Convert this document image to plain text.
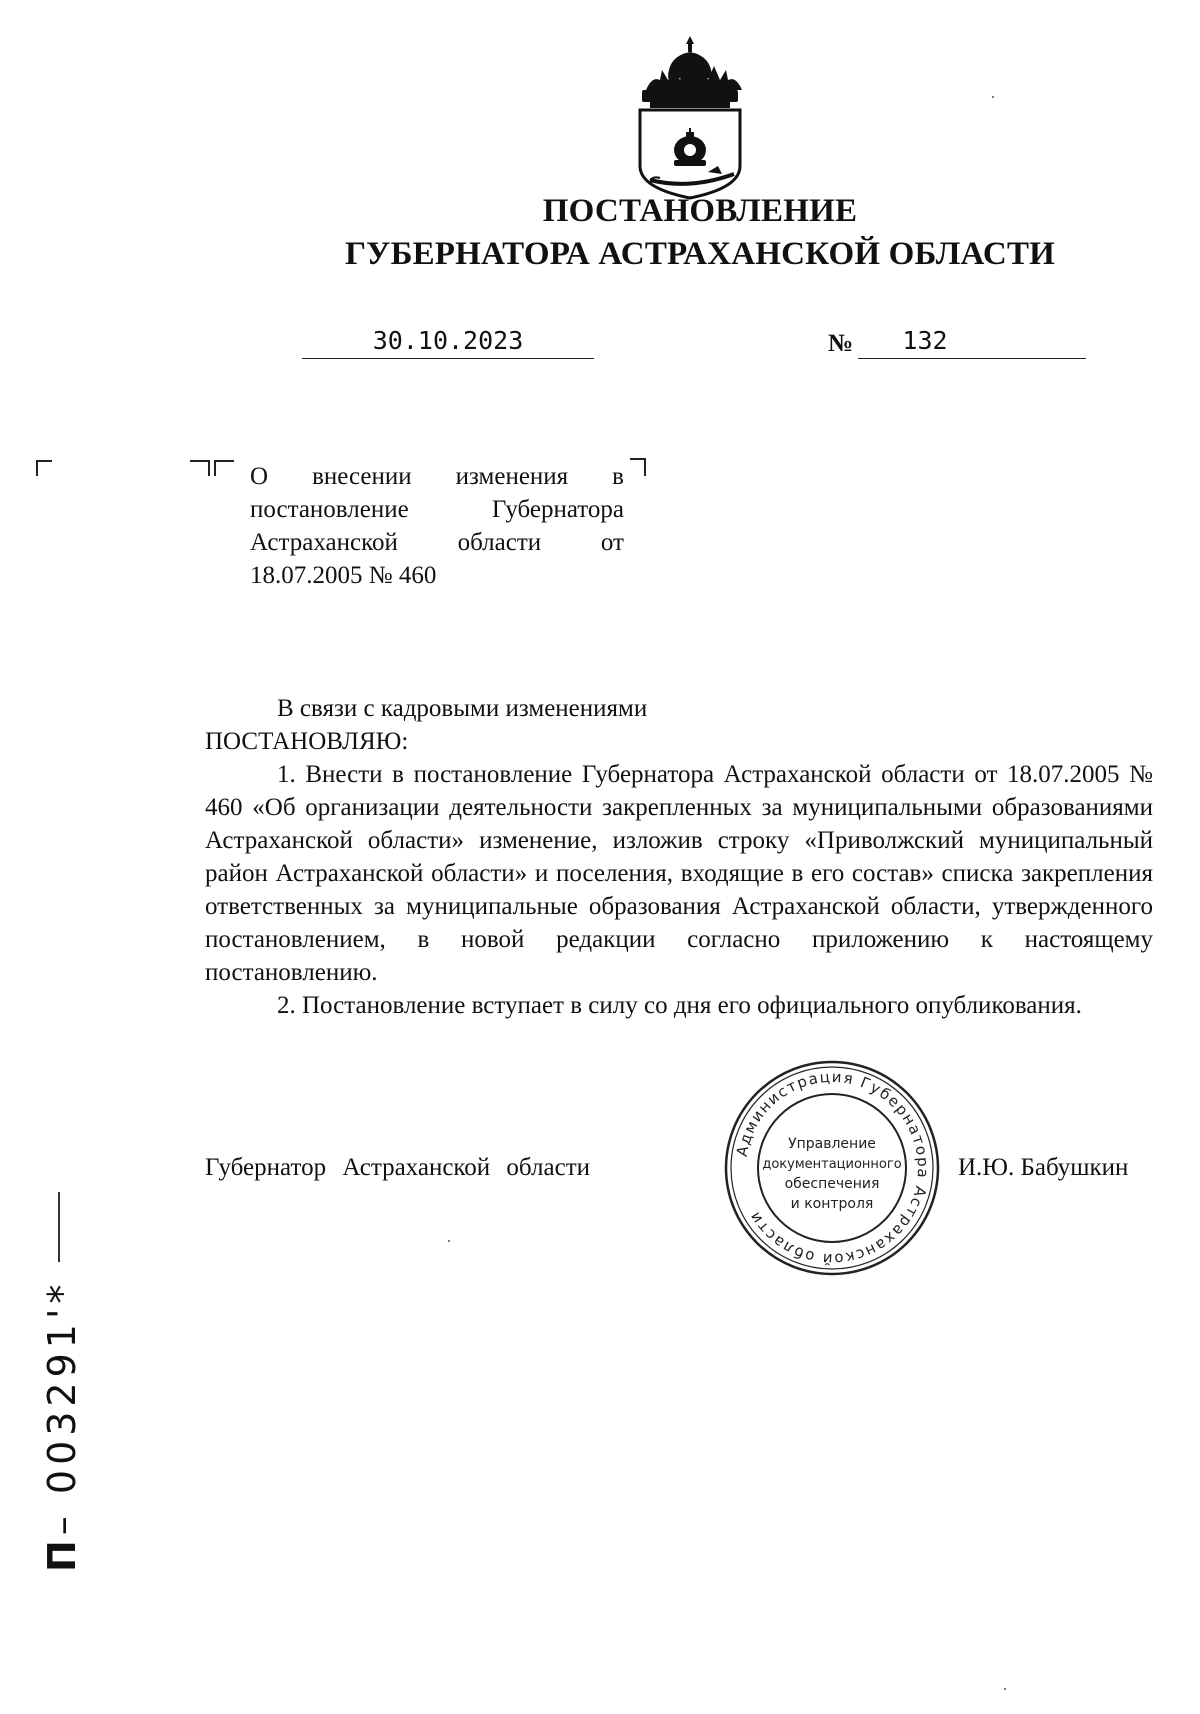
ПОСТАНОВЛЕНИЕ
ГУБЕРНАТОРА АСТРАХАНСКОЙ ОБЛАСТИ
30.10.2023	№	132
О внесении изменения в
постановление Губернатора
Астраханской области от
18.07.2005 № 460

В связи с кадровыми изменениями

ПОСТАНОВЛЯЮ:

1. Внести в постановление Губернатора Астраханской области от 18.07.2005 № 460 «Об организации деятельности закрепленных за муниципальными образованиями Астраханской области» изменение, изложив строку «Приволжский муниципальный район Астраханской области» и поселения, входящие в его состав» списка закрепления ответственных за муниципальные образования Астраханской области, утвержденного постановлением, в новой редакции согласно приложению к настоящему постановлению.

2. Постановление вступает в силу со дня его официального опубликования.

Губернатор Астраханской области	И.Ю. Бабушкин
Администрация Губернатора Астраханской области
Управление
документационного
обеспечения
и контроля
П– 003291'*
